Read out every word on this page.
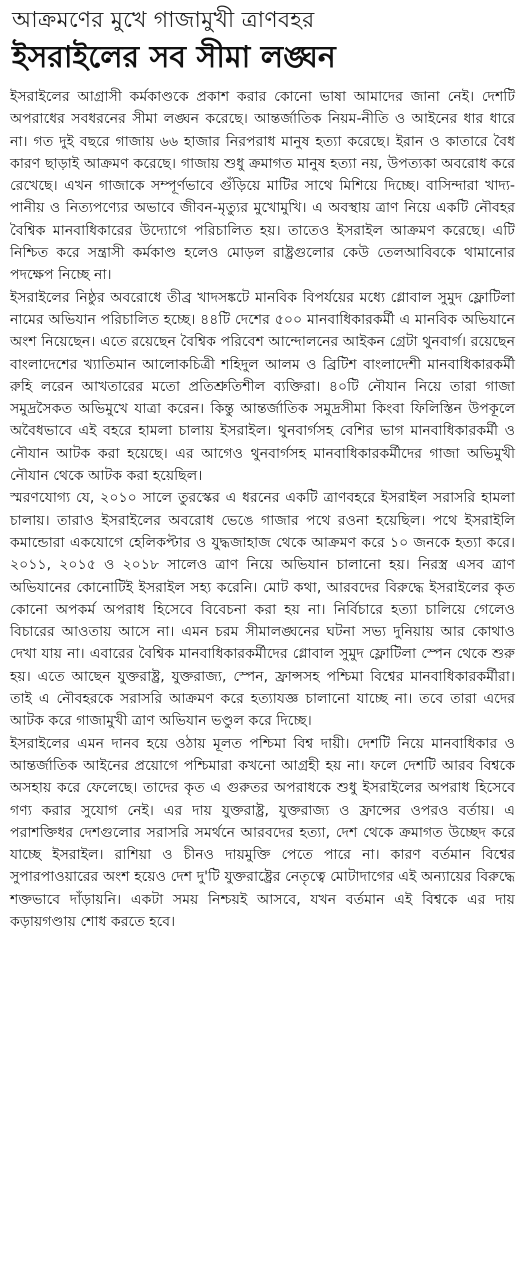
আক্রমণের মুখে গাজামুখী ত্রাণবহর
ইসরাইলের সব সীমা লঙ্ঘন

ইসরাইলের আগ্রাসী কর্মকাণ্ডকে প্রকাশ করার কোনো ভাষা আমাদের জানা নেই। দেশটি অপরাধের সবধরনের সীমা লঙ্ঘন করেছে। আন্তর্জাতিক নিয়ম-নীতি ও আইনের ধার ধারে না। গত দুই বছরে গাজায় ৬৬ হাজার নিরপরাধ মানুষ হত্যা করেছে। ইরান ও কাতারে বৈধ কারণ ছাড়াই আক্রমণ করেছে। গাজায় শুধু ক্রমাগত মানুষ হত্যা নয়, উপত্যকা অবরোধ করে রেখেছে। এখন গাজাকে সম্পূর্ণভাবে গুঁড়িয়ে মাটির সাথে মিশিয়ে দিচ্ছে। বাসিন্দারা খাদ্য-পানীয় ও নিত্যপণ্যের অভাবে জীবন-মৃত্যুর মুখোমুখি। এ অবস্থায় ত্রাণ নিয়ে একটি নৌবহর বৈশ্বিক মানবাধিকারের উদ্যোগে পরিচালিত হয়। তাতেও ইসরাইল আক্রমণ করেছে। এটি নিশ্চিত করে সন্ত্রাসী কর্মকাণ্ড হলেও মোড়ল রাষ্ট্রগুলোর কেউ তেলআবিবকে থামানোর পদক্ষেপ নিচ্ছে না।

ইসরাইলের নিষ্ঠুর অবরোধে তীব্র খাদসঙ্কটে মানবিক বিপর্যয়ের মধ্যে গ্লোবাল সুমুদ ফ্লোটিলা নামের অভিযান পরিচালিত হচ্ছে। ৪৪টি দেশের ৫০০ মানবাধিকারকর্মী এ মানবিক অভিযানে অংশ নিয়েছেন। এতে রয়েছেন বৈশ্বিক পরিবেশ আন্দোলনের আইকন গ্রেটা থুনবার্গ। রয়েছেন বাংলাদেশের খ্যাতিমান আলোকচিত্রী শহিদুল আলম ও ব্রিটিশ বাংলাদেশী মানবাধিকারকর্মী রুহি লরেন আখতারের মতো প্রতিশ্রুতিশীল ব্যক্তিরা। ৪০টি নৌযান নিয়ে তারা গাজা সমুদ্রসৈকত অভিমুখে যাত্রা করেন। কিন্তু আন্তর্জাতিক সমুদ্রসীমা কিংবা ফিলিস্তিন উপকূলে অবৈধভাবে এই বহরে হামলা চালায় ইসরাইল। থুনবার্গসহ বেশির ভাগ মানবাধিকারকর্মী ও নৌযান আটক করা হয়েছে। এর আগেও থুনবার্গসহ মানবাধিকারকর্মীদের গাজা অভিমুখী নৌযান থেকে আটক করা হয়েছিল।

স্মরণযোগ্য যে, ২০১০ সালে তুরস্কের এ ধরনের একটি ত্রাণবহরে ইসরাইল সরাসরি হামলা চালায়। তারাও ইসরাইলের অবরোধ ভেঙে গাজার পথে রওনা হয়েছিল। পথে ইসরাইলি কমান্ডোরা একযোগে হেলিকপ্টার ও যুদ্ধজাহাজ থেকে আক্রমণ করে ১০ জনকে হত্যা করে। ২০১১, ২০১৫ ও ২০১৮ সালেও ত্রাণ নিয়ে অভিযান চালানো হয়। নিরস্ত্র এসব ত্রাণ অভিযানের কোনোটিই ইসরাইল সহ্য করেনি। মোট কথা, আরবদের বিরুদ্ধে ইসরাইলের কৃত কোনো অপকর্ম অপরাধ হিসেবে বিবেচনা করা হয় না। নির্বিচারে হত্যা চালিয়ে গেলেও বিচারের আওতায় আসে না। এমন চরম সীমালঙ্ঘনের ঘটনা সভ্য দুনিয়ায় আর কোথাও দেখা যায় না। এবারের বৈশ্বিক মানবাধিকারকর্মীদের গ্লোবাল সুমুদ ফ্লোটিলা স্পেন থেকে শুরু হয়। এতে আছেন যুক্তরাষ্ট্র, যুক্তরাজ্য, স্পেন, ফ্রান্সসহ পশ্চিমা বিশ্বের মানবাধিকারকর্মীরা। তাই এ নৌবহরকে সরাসরি আক্রমণ করে হত্যাযজ্ঞ চালানো যাচ্ছে না। তবে তারা এদের আটক করে গাজামুখী ত্রাণ অভিযান ভণ্ডুল করে দিচ্ছে।

ইসরাইলের এমন দানব হয়ে ওঠায় মূলত পশ্চিমা বিশ্ব দায়ী। দেশটি নিয়ে মানবাধিকার ও আন্তর্জাতিক আইনের প্রয়োগে পশ্চিমারা কখনো আগ্রহী হয় না। ফলে দেশটি আরব বিশ্বকে অসহায় করে ফেলেছে। তাদের কৃত এ গুরুতর অপরাধকে শুধু ইসরাইলের অপরাধ হিসেবে গণ্য করার সুযোগ নেই। এর দায় যুক্তরাষ্ট্র, যুক্তরাজ্য ও ফ্রান্সের ওপরও বর্তায়। এ পরাশক্তিধর দেশগুলোর সরাসরি সমর্থনে আরবদের হত্যা, দেশ থেকে ক্রমাগত উচ্ছেদ করে যাচ্ছে ইসরাইল। রাশিয়া ও চীনও দায়মুক্তি পেতে পারে না। কারণ বর্তমান বিশ্বের সুপারপাওয়ারের অংশ হয়েও দেশ দু'টি যুক্তরাষ্ট্রের নেতৃত্বে মোটাদাগের এই অন্যায়ের বিরুদ্ধে শক্তভাবে দাঁড়ায়নি। একটা সময় নিশ্চয়ই আসবে, যখন বর্তমান এই বিশ্বকে এর দায় কড়ায়গণ্ডায় শোধ করতে হবে।
